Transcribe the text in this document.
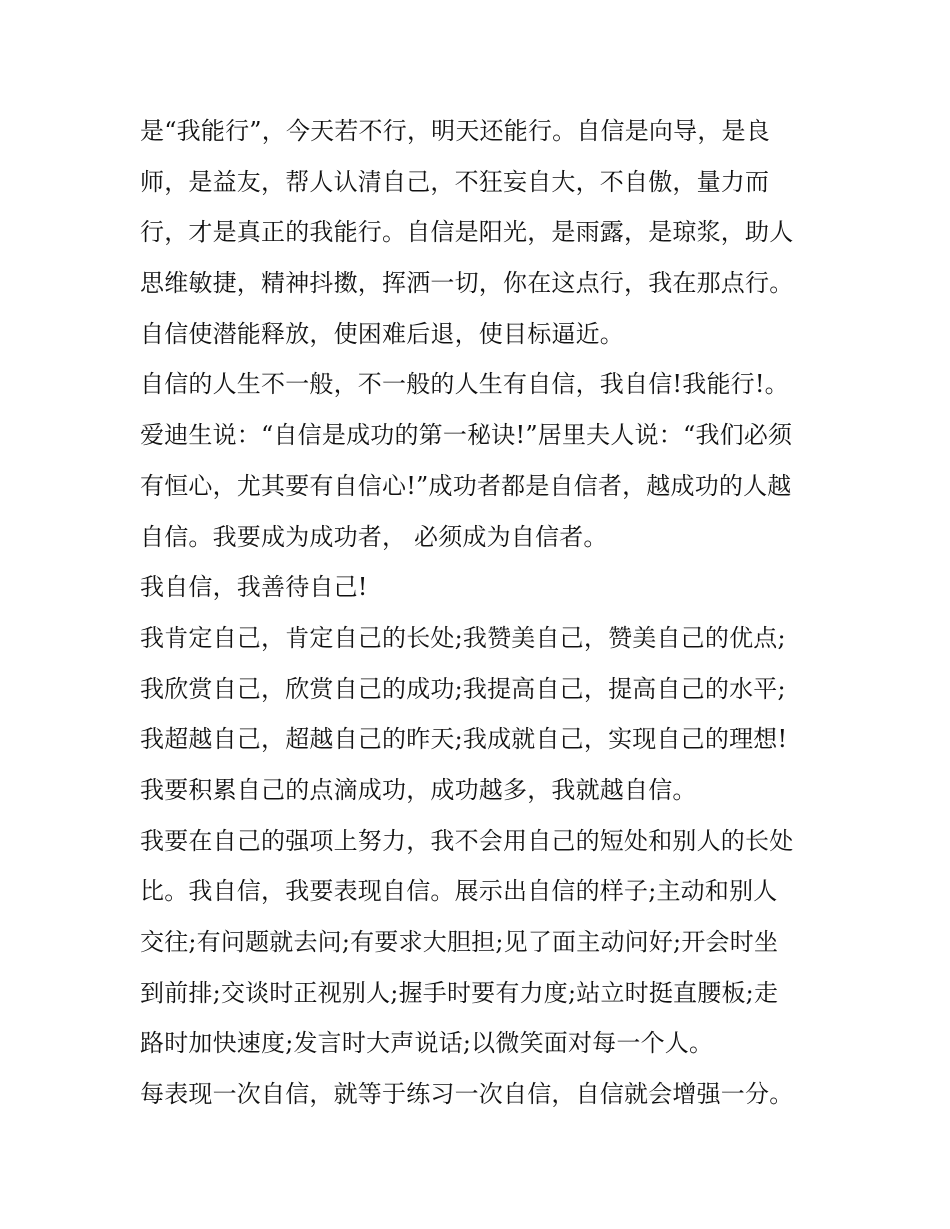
是“我能行”，今天若不行，明天还能行。自信是向导，是良
师，是益友，帮人认清自己，不狂妄自大，不自傲，量力而
行，才是真正的我能行。自信是阳光，是雨露，是琼浆，助人
思维敏捷，精神抖擞，挥洒一切，你在这点行，我在那点行。
自信使潜能释放，使困难后退，使目标逼近。
自信的人生不一般，不一般的人生有自信，我自信!我能行!。
爱迪生说：“自信是成功的第一秘诀!”居里夫人说：“我们必须
有恒心，尤其要有自信心!”成功者都是自信者，越成功的人越
自信。我要成为成功者， 必须成为自信者。
我自信，我善待自己!
我肯定自己，肯定自己的长处;我赞美自己，赞美自己的优点;
我欣赏自己，欣赏自己的成功;我提高自己，提高自己的水平;
我超越自己，超越自己的昨天;我成就自己，实现自己的理想!
我要积累自己的点滴成功，成功越多，我就越自信。
我要在自己的强项上努力，我不会用自己的短处和别人的长处
比。我自信，我要表现自信。展示出自信的样子;主动和别人
交往;有问题就去问;有要求大胆担;见了面主动问好;开会时坐
到前排;交谈时正视别人;握手时要有力度;站立时挺直腰板;走
路时加快速度;发言时大声说话;以微笑面对每一个人。
每表现一次自信，就等于练习一次自信，自信就会增强一分。
